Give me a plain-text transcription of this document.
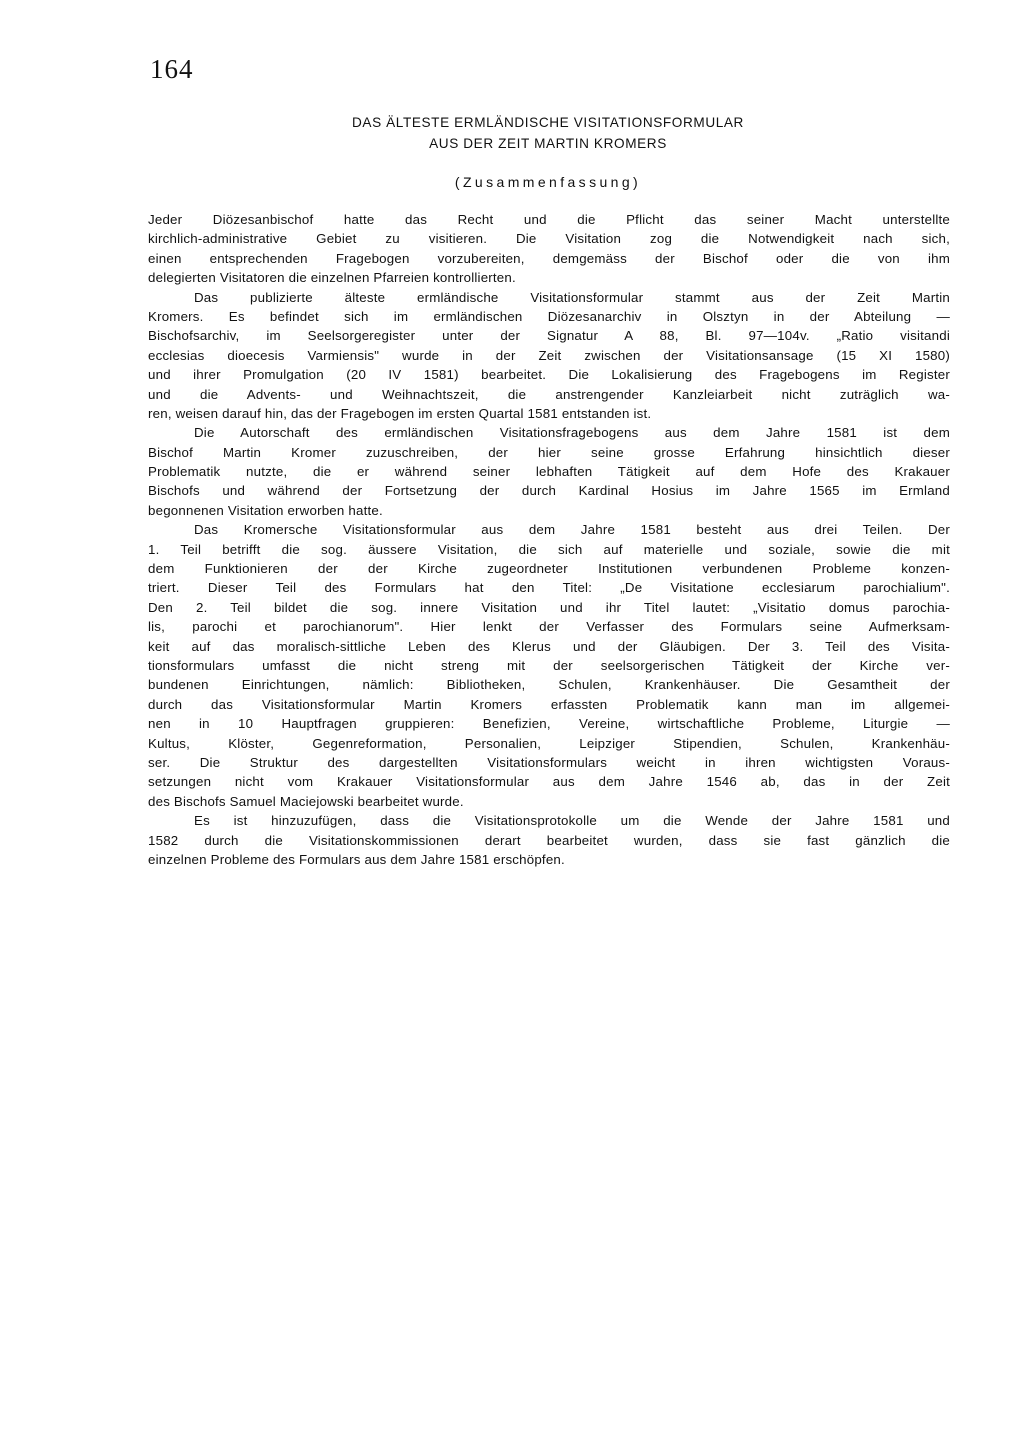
164
DAS ÄLTESTE ERMLÄNDISCHE VISITATIONSFORMULAR
AUS DER ZEIT MARTIN KROMERS
(Zusammenfassung)
Jeder Diözesanbischof hatte das Recht und die Pflicht das seiner Macht unterstellte
kirchlich-administrative Gebiet zu visitieren. Die Visitation zog die Notwendigkeit nach sich,
einen entsprechenden Fragebogen vorzubereiten, demgemäss der Bischof oder die von ihm
delegierten Visitatoren die einzelnen Pfarreien kontrollierten.
Das publizierte älteste ermländische Visitationsformular stammt aus der Zeit Martin
Kromers. Es befindet sich im ermländischen Diözesanarchiv in Olsztyn in der Abteilung —
Bischofsarchiv, im Seelsorgeregister unter der Signatur A 88, Bl. 97—104v. „Ratio visitandi
ecclesias dioecesis Varmiensis" wurde in der Zeit zwischen der Visitationsansage (15 XI 1580)
und ihrer Promulgation (20 IV 1581) bearbeitet. Die Lokalisierung des Fragebogens im Register
und die Advents- und Weihnachtszeit, die anstrengender Kanzleiarbeit nicht zuträglich wa-
ren, weisen darauf hin, das der Fragebogen im ersten Quartal 1581 entstanden ist.
Die Autorschaft des ermländischen Visitationsfragebogens aus dem Jahre 1581 ist dem
Bischof Martin Kromer zuzuschreiben, der hier seine grosse Erfahrung hinsichtlich dieser
Problematik nutzte, die er während seiner lebhaften Tätigkeit auf dem Hofe des Krakauer
Bischofs und während der Fortsetzung der durch Kardinal Hosius im Jahre 1565 im Ermland
begonnenen Visitation erworben hatte.
Das Kromersche Visitationsformular aus dem Jahre 1581 besteht aus drei Teilen. Der
1. Teil betrifft die sog. äussere Visitation, die sich auf materielle und soziale, sowie die mit
dem Funktionieren der der Kirche zugeordneter Institutionen verbundenen Probleme konzen-
triert. Dieser Teil des Formulars hat den Titel: „De Visitatione ecclesiarum parochialium".
Den 2. Teil bildet die sog. innere Visitation und ihr Titel lautet: „Visitatio domus parochia-
lis, parochi et parochianorum". Hier lenkt der Verfasser des Formulars seine Aufmerksam-
keit auf das moralisch-sittliche Leben des Klerus und der Gläubigen. Der 3. Teil des Visita-
tionsformulars umfasst die nicht streng mit der seelsorgerischen Tätigkeit der Kirche ver-
bundenen Einrichtungen, nämlich: Bibliotheken, Schulen, Krankenhäuser. Die Gesamtheit der
durch das Visitationsformular Martin Kromers erfassten Problematik kann man im allgemei-
nen in 10 Hauptfragen gruppieren: Benefizien, Vereine, wirtschaftliche Probleme, Liturgie —
Kultus, Klöster, Gegenreformation, Personalien, Leipziger Stipendien, Schulen, Krankenhäu-
ser. Die Struktur des dargestellten Visitationsformulars weicht in ihren wichtigsten Voraus-
setzungen nicht vom Krakauer Visitationsformular aus dem Jahre 1546 ab, das in der Zeit
des Bischofs Samuel Maciejowski bearbeitet wurde.
Es ist hinzuzufügen, dass die Visitationsprotokolle um die Wende der Jahre 1581 und
1582 durch die Visitationskommissionen derart bearbeitet wurden, dass sie fast gänzlich die
einzelnen Probleme des Formulars aus dem Jahre 1581 erschöpfen.
